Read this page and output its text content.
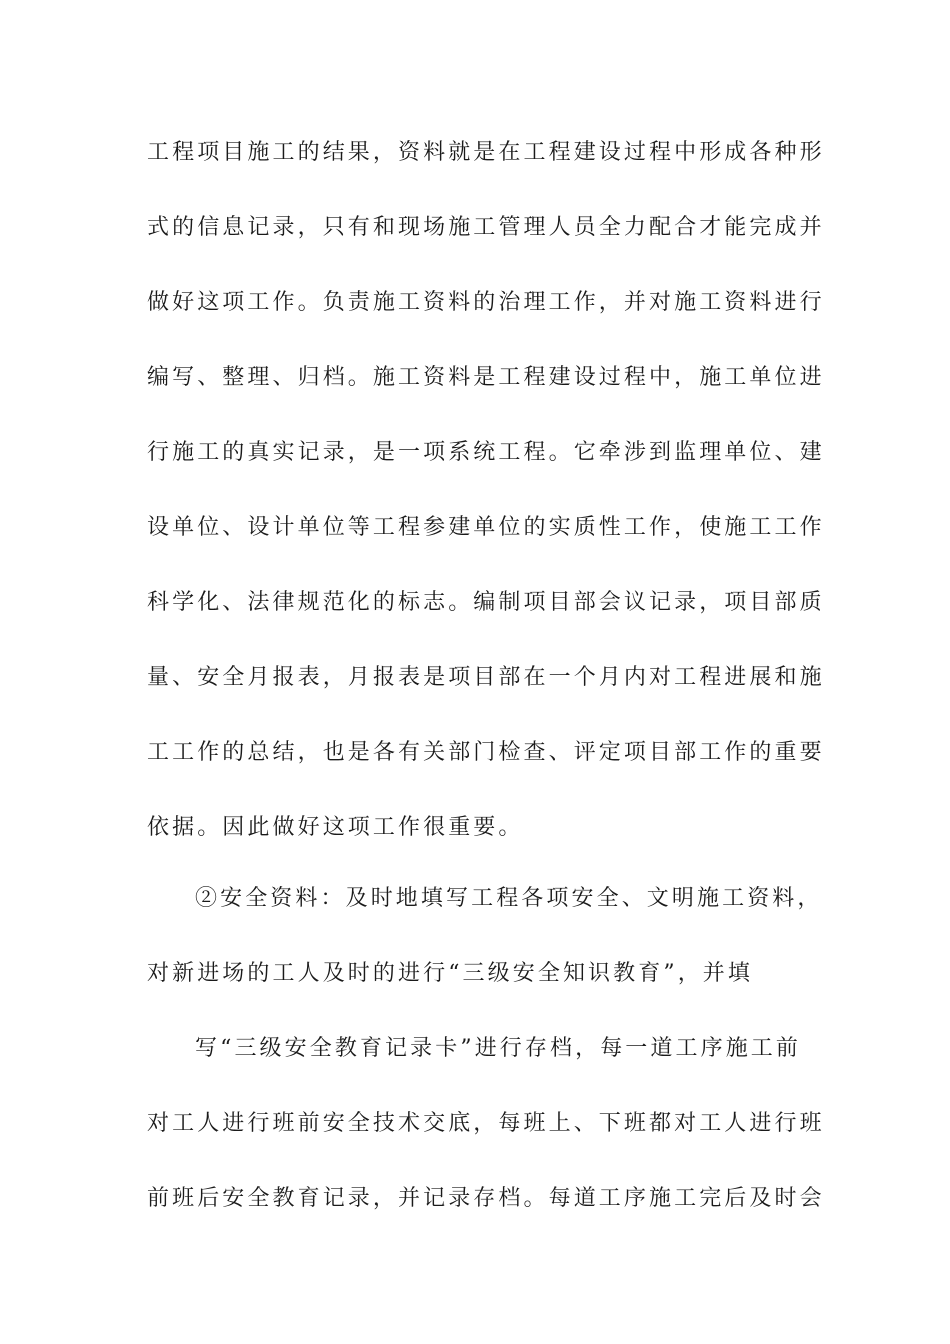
工程项目施工的结果，资料就是在工程建设过程中形成各种形
式的信息记录，只有和现场施工管理人员全力配合才能完成并
做好这项工作。负责施工资料的治理工作，并对施工资料进行
编写、整理、归档。施工资料是工程建设过程中，施工单位进
行施工的真实记录，是一项系统工程。它牵涉到监理单位、建
设单位、设计单位等工程参建单位的实质性工作，使施工工作
科学化、法律规范化的标志。编制项目部会议记录，项目部质
量、安全月报表，月报表是项目部在一个月内对工程进展和施
工工作的总结，也是各有关部门检查、评定项目部工作的重要
依据。因此做好这项工作很重要。
②安全资料：及时地填写工程各项安全、文明施工资料，
对新进场的工人及时的进行“三级安全知识教育”，并填
写“三级安全教育记录卡”进行存档，每一道工序施工前
对工人进行班前安全技术交底，每班上、下班都对工人进行班
前班后安全教育记录，并记录存档。每道工序施工完后及时会
